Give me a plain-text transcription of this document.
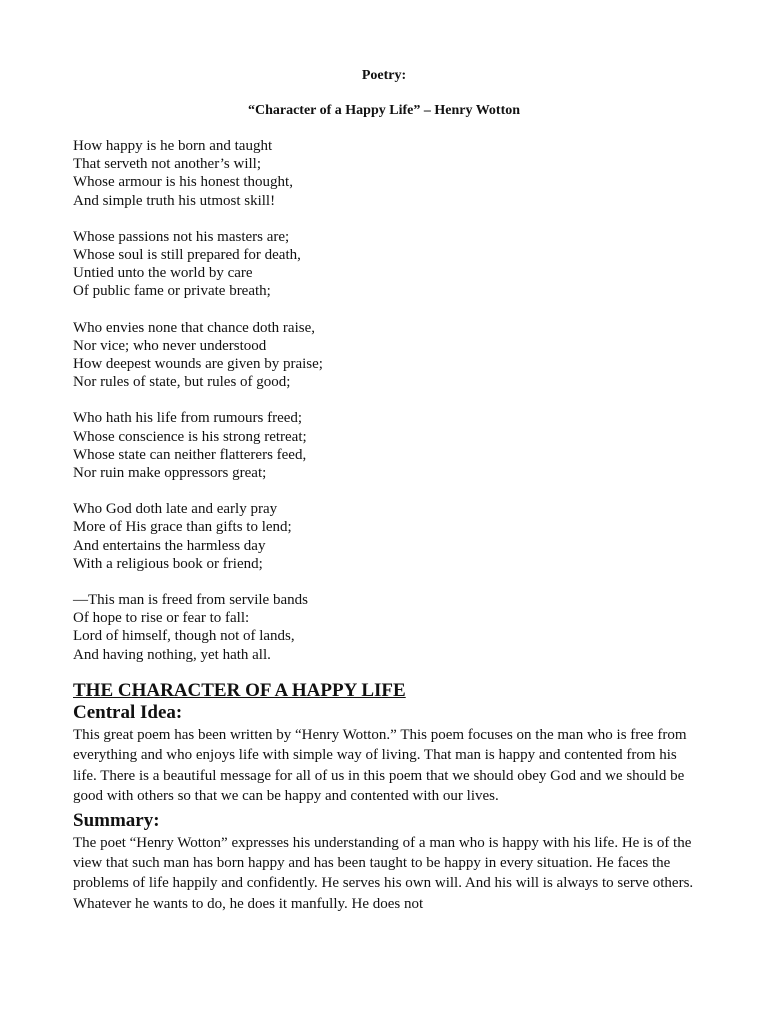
Poetry:
“Character of a Happy Life” – Henry Wotton
How happy is he born and taught
That serveth not another’s will;
Whose armour is his honest thought,
And simple truth his utmost skill!
Whose passions not his masters are;
Whose soul is still prepared for death,
Untied unto the world by care
Of public fame or private breath;
Who envies none that chance doth raise,
Nor vice; who never understood
How deepest wounds are given by praise;
Nor rules of state, but rules of good;
Who hath his life from rumours freed;
Whose conscience is his strong retreat;
Whose state can neither flatterers feed,
Nor ruin make oppressors great;
Who God doth late and early pray
More of His grace than gifts to lend;
And entertains the harmless day
With a religious book or friend;
—This man is freed from servile bands
Of hope to rise or fear to fall:
Lord of himself, though not of lands,
And having nothing, yet hath all.
THE CHARACTER OF A HAPPY LIFE
Central Idea:

This great poem has been written by “Henry Wotton.” This poem focuses on the man who is free from everything and who enjoys life with simple way of living. That man is happy and contented from his life. There is a beautiful message for all of us in this poem that we should obey God and we should be good with others so that we can be happy and contented with our lives.

Summary:

The poet “Henry Wotton” expresses his understanding of a man who is happy with his life. He is of the view that such man has born happy and has been taught to be happy in every situation. He faces the problems of life happily and confidently. He serves his own will. And his will is always to serve others. Whatever he wants to do, he does it manfully. He does not
